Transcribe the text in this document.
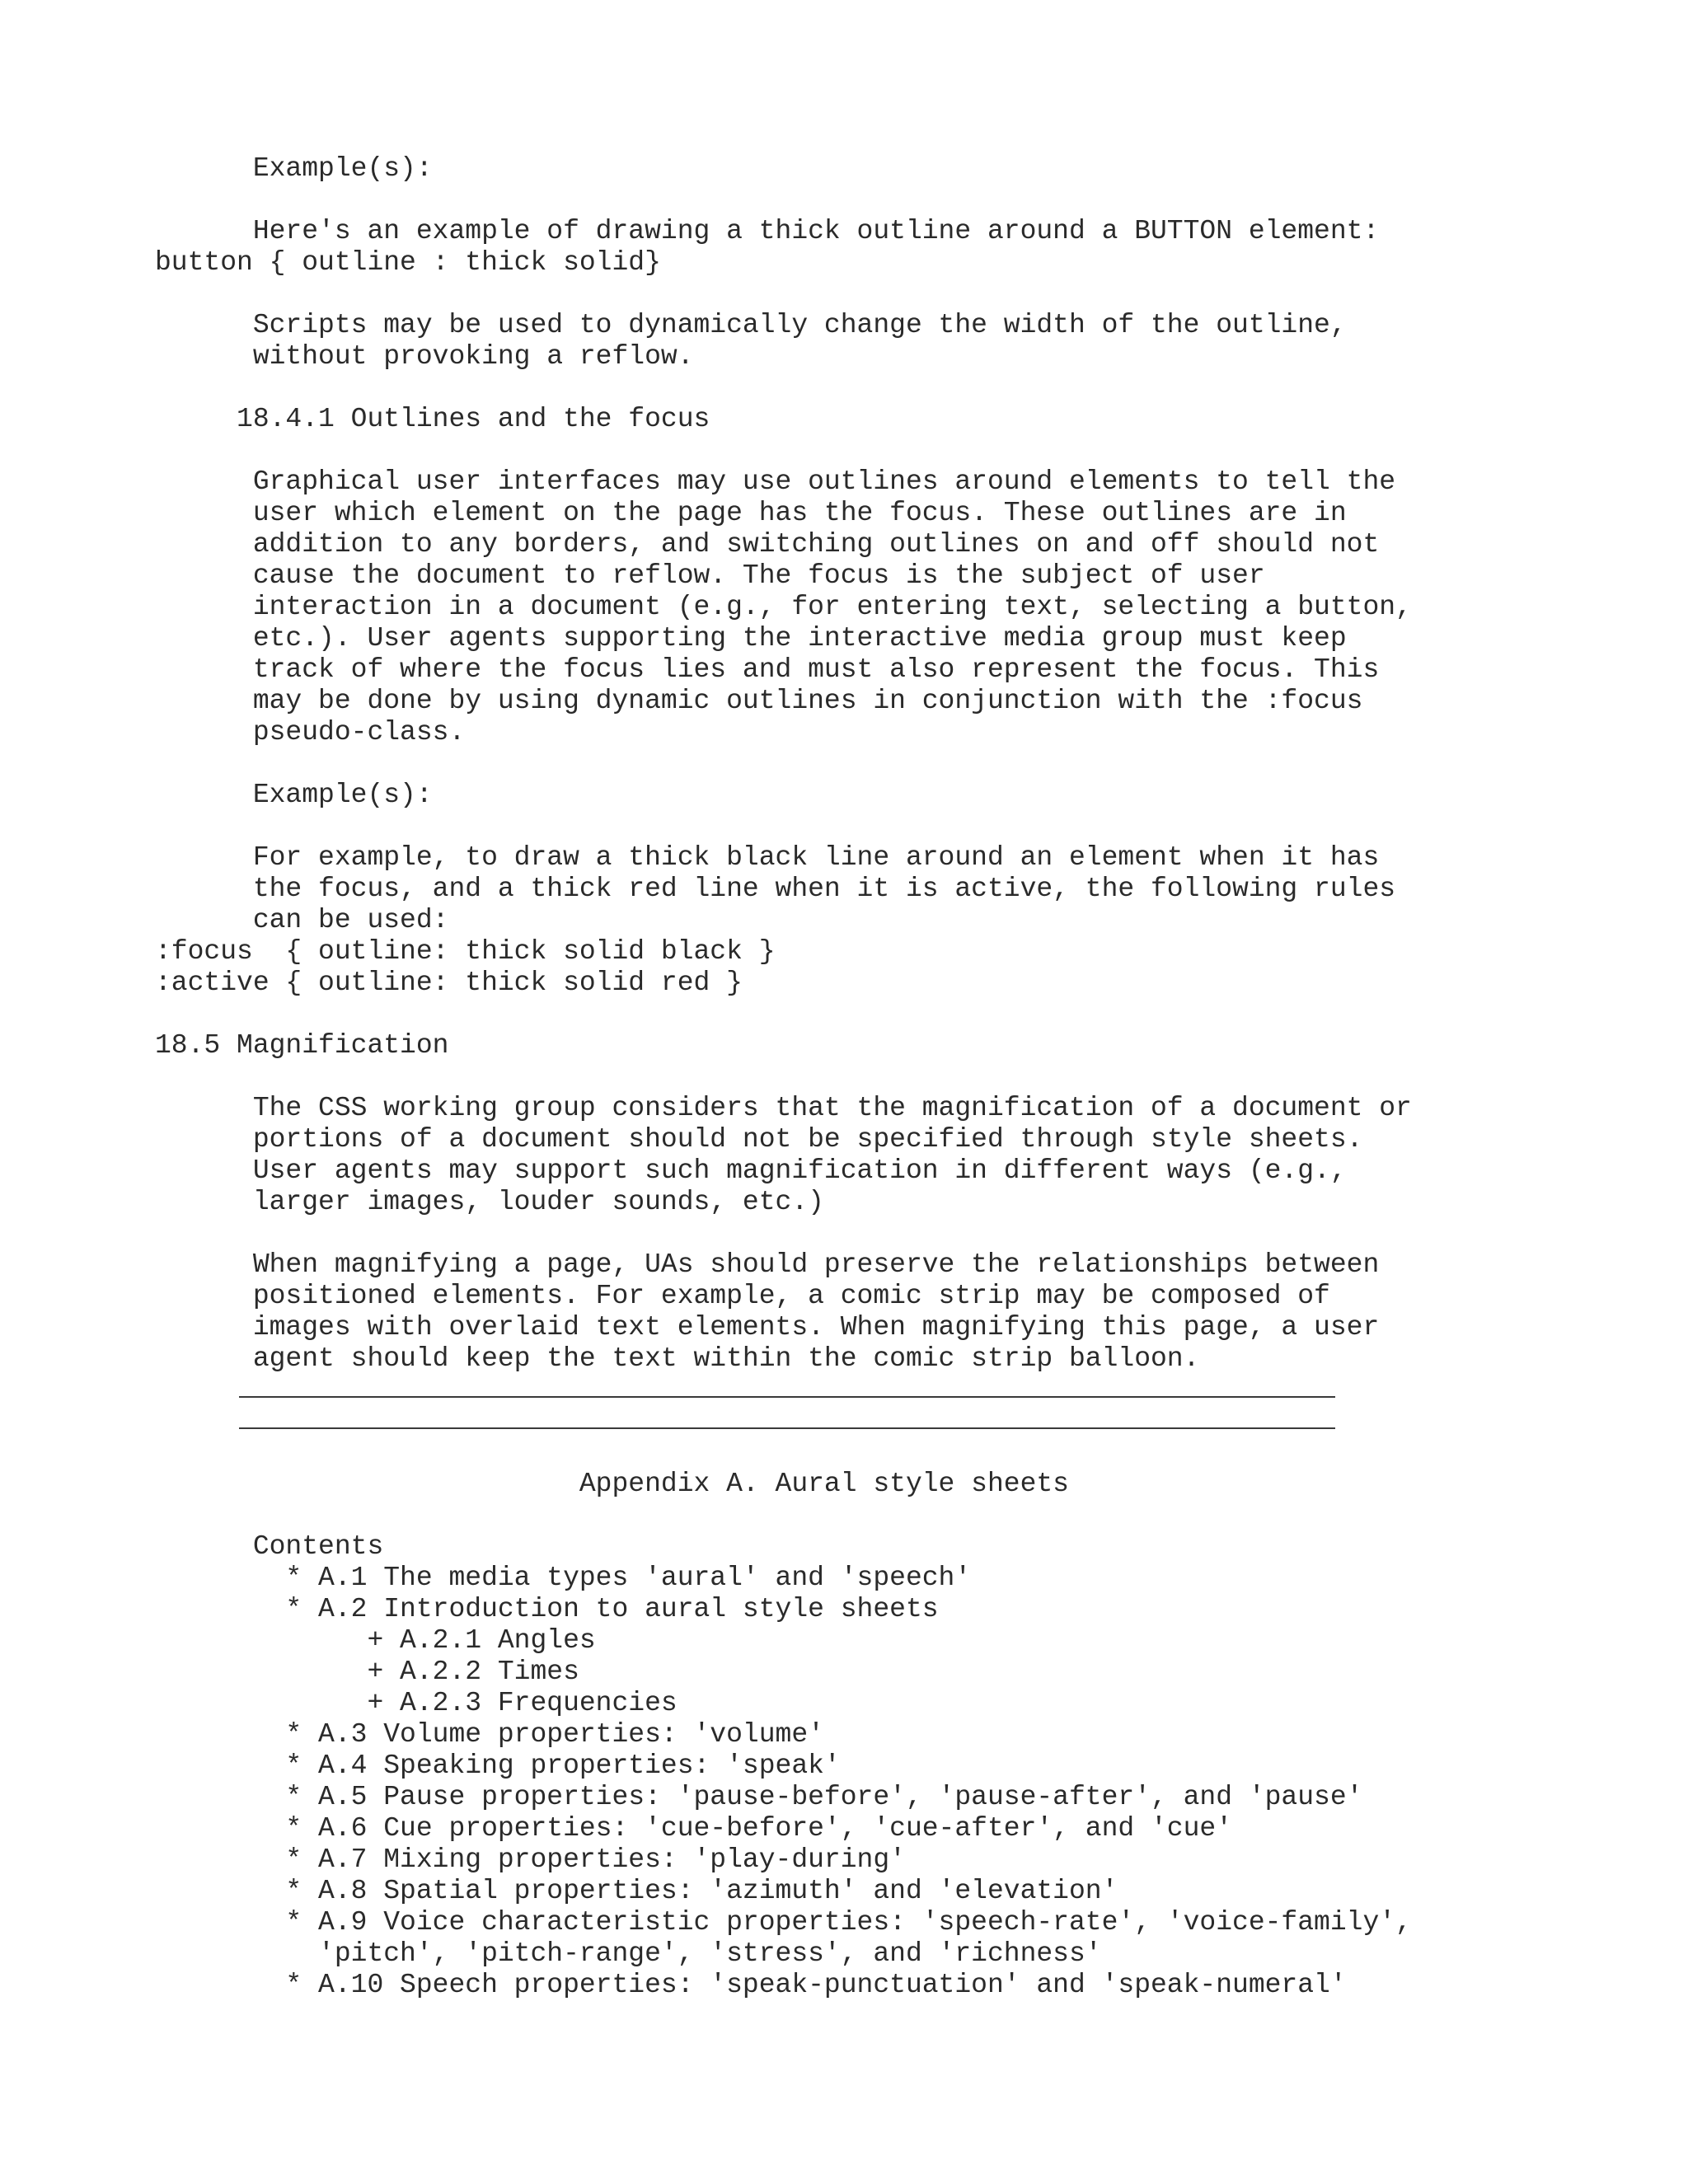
Example(s):
Here's an example of drawing a thick outline around a BUTTON element:
button { outline : thick solid}
Scripts may be used to dynamically change the width of the outline,
without provoking a reflow.
18.4.1 Outlines and the focus
Graphical user interfaces may use outlines around elements to tell the
user which element on the page has the focus. These outlines are in
addition to any borders, and switching outlines on and off should not
cause the document to reflow. The focus is the subject of user
interaction in a document (e.g., for entering text, selecting a button,
etc.). User agents supporting the interactive media group must keep
track of where the focus lies and must also represent the focus. This
may be done by using dynamic outlines in conjunction with the :focus
pseudo-class.
Example(s):
For example, to draw a thick black line around an element when it has
the focus, and a thick red line when it is active, the following rules
can be used:
:focus  { outline: thick solid black }
:active { outline: thick solid red }
18.5 Magnification
The CSS working group considers that the magnification of a document or
portions of a document should not be specified through style sheets.
User agents may support such magnification in different ways (e.g.,
larger images, louder sounds, etc.)
When magnifying a page, UAs should preserve the relationships between
positioned elements. For example, a comic strip may be composed of
images with overlaid text elements. When magnifying this page, a user
agent should keep the text within the comic strip balloon.
Appendix A. Aural style sheets
Contents
* A.1 The media types 'aural' and 'speech'
* A.2 Introduction to aural style sheets
+ A.2.1 Angles
+ A.2.2 Times
+ A.2.3 Frequencies
* A.3 Volume properties: 'volume'
* A.4 Speaking properties: 'speak'
* A.5 Pause properties: 'pause-before', 'pause-after', and 'pause'
* A.6 Cue properties: 'cue-before', 'cue-after', and 'cue'
* A.7 Mixing properties: 'play-during'
* A.8 Spatial properties: 'azimuth' and 'elevation'
* A.9 Voice characteristic properties: 'speech-rate', 'voice-family',
'pitch', 'pitch-range', 'stress', and 'richness'
* A.10 Speech properties: 'speak-punctuation' and 'speak-numeral'
